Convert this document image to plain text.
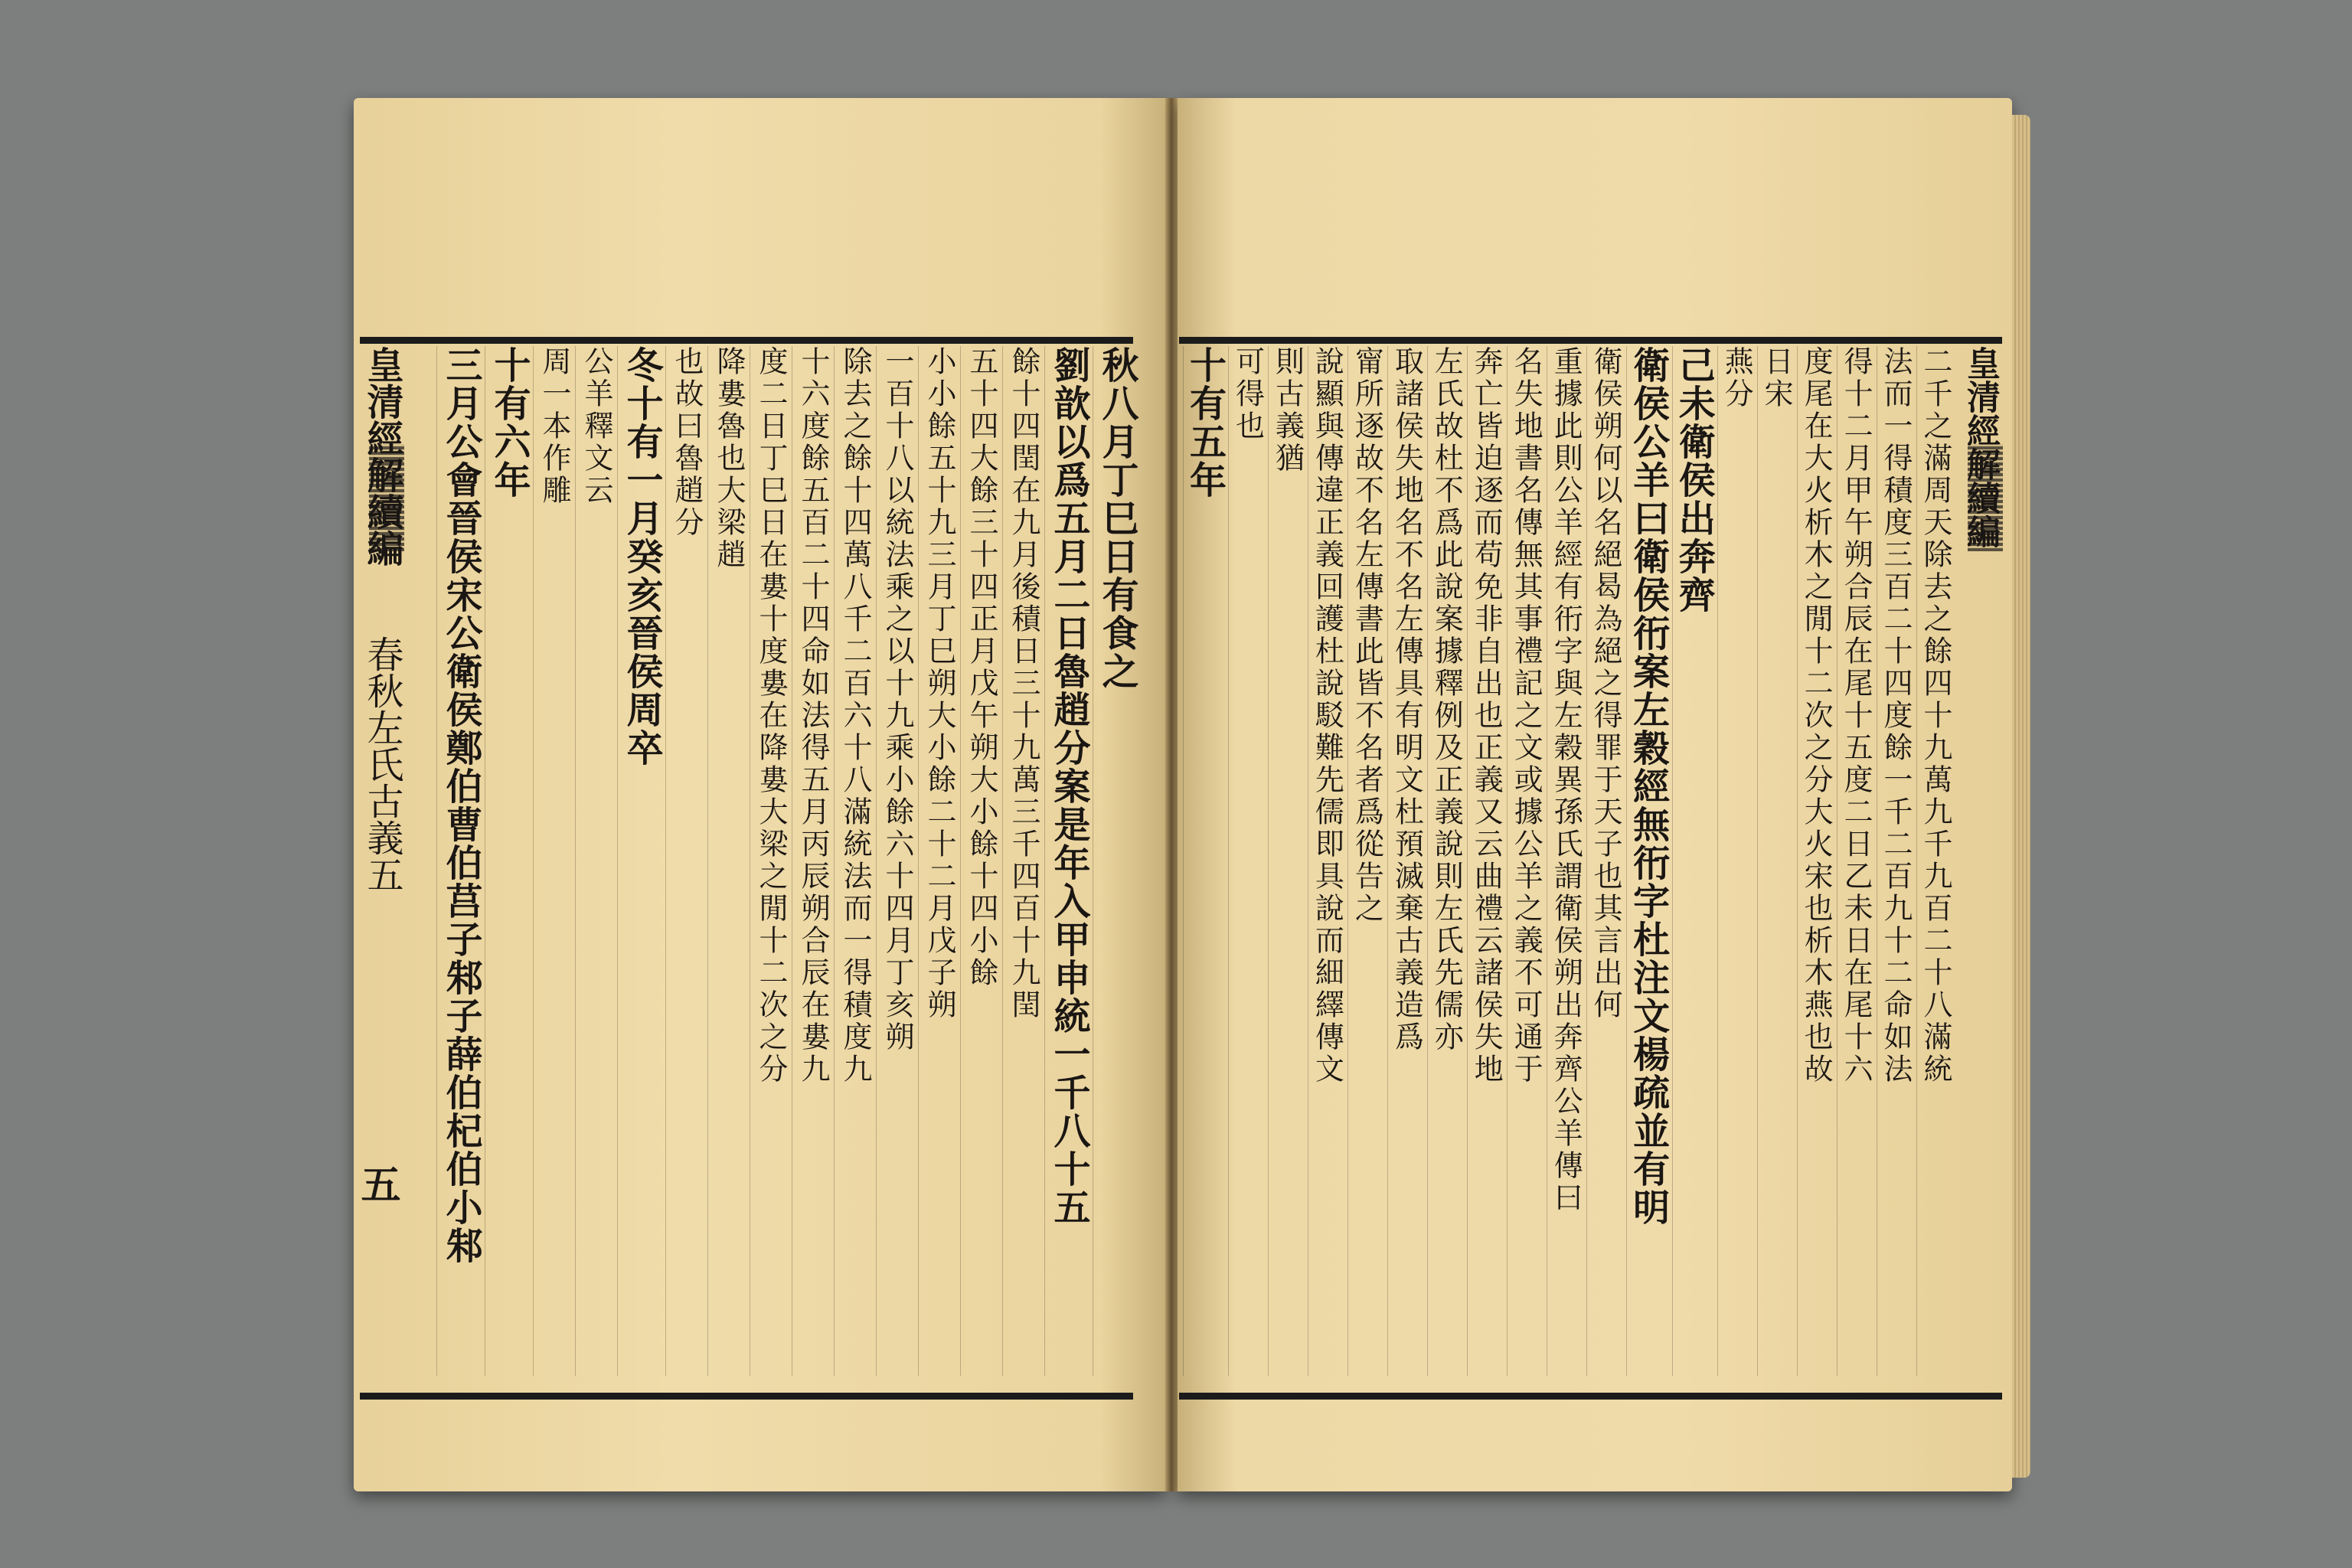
皇清經解續編
春秋左氏古義五
五
秋八月丁巳日有食之
劉歆以爲五月二日魯趙分案是年入甲申統一千八十五
餘十四閏在九月後積日三十九萬三千四百十九閏
五十四大餘三十四正月戊午朔大小餘十四小餘
小小餘五十九三月丁巳朔大小餘二十二月戊子朔
一百十八以統法乘之以十九乘小餘六十四月丁亥朔
除去之餘十四萬八千二百六十八滿統法而一得積度九
十六度餘五百二十四命如法得五月丙辰朔合辰在婁九
度二日丁巳日在婁十度婁在降婁大梁之閒十二次之分
降婁魯也大梁趙
也故曰魯趙分
冬十有一月癸亥晉侯周卒
公羊釋文云
周一本作雕
十有六年
三月公會晉侯宋公衛侯鄭伯曹伯莒子邾子薛伯杞伯小邾	皇清經解續編
二千之滿周天除去之餘四十九萬九千九百二十八滿統
法而一得積度三百二十四度餘一千二百九十二命如法
得十二月甲午朔合辰在尾十五度二日乙未日在尾十六
度尾在大火析木之閒十二次之分大火宋也析木燕也故
日宋
燕分
己未衛侯出奔齊
衛侯公羊曰衛侯衎案左穀經無衎字杜注文楊疏並有明
衛侯朔何以名絕曷為絕之得罪于天子也其言出何
重據此則公羊經有衎字與左穀異孫氏謂衛侯朔出奔齊公羊傳曰
名失地書名傳無其事禮記之文或據公羊之義不可通于
奔亡皆迫逐而苟免非自出也正義又云曲禮云諸侯失地
左氏故杜不爲此說案據釋例及正義說則左氏先儒亦
取諸侯失地名不名左傳具有明文杜預滅棄古義造爲
甯所逐故不名左傳書此皆不名者爲從告之
說顯與傳違正義回護杜說駁難先儒即具說而細繹傳文
則古義猶
可得也
十有五年
